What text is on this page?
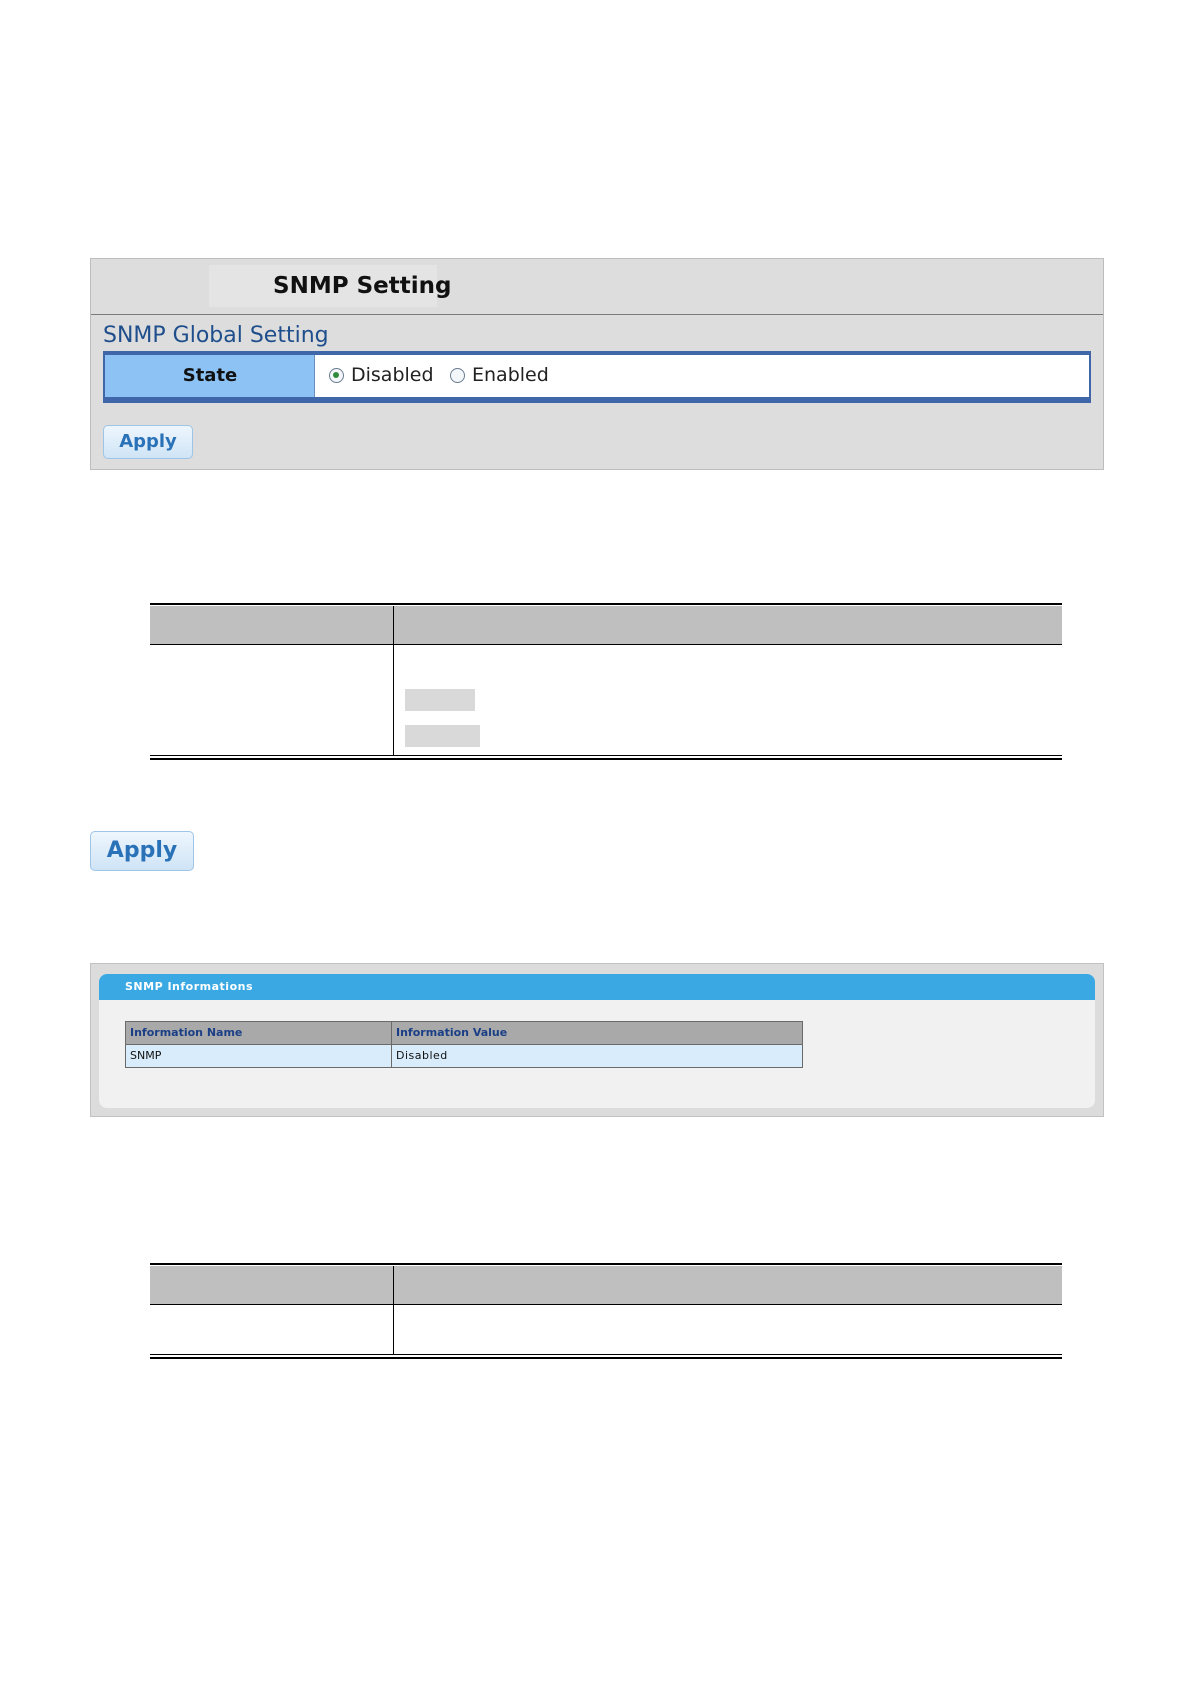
SNMP Setting
SNMP Global Setting
State	Disabled Enabled
Apply
Apply
SNMP Informations
Information Name	Information Value
SNMP	Disabled
